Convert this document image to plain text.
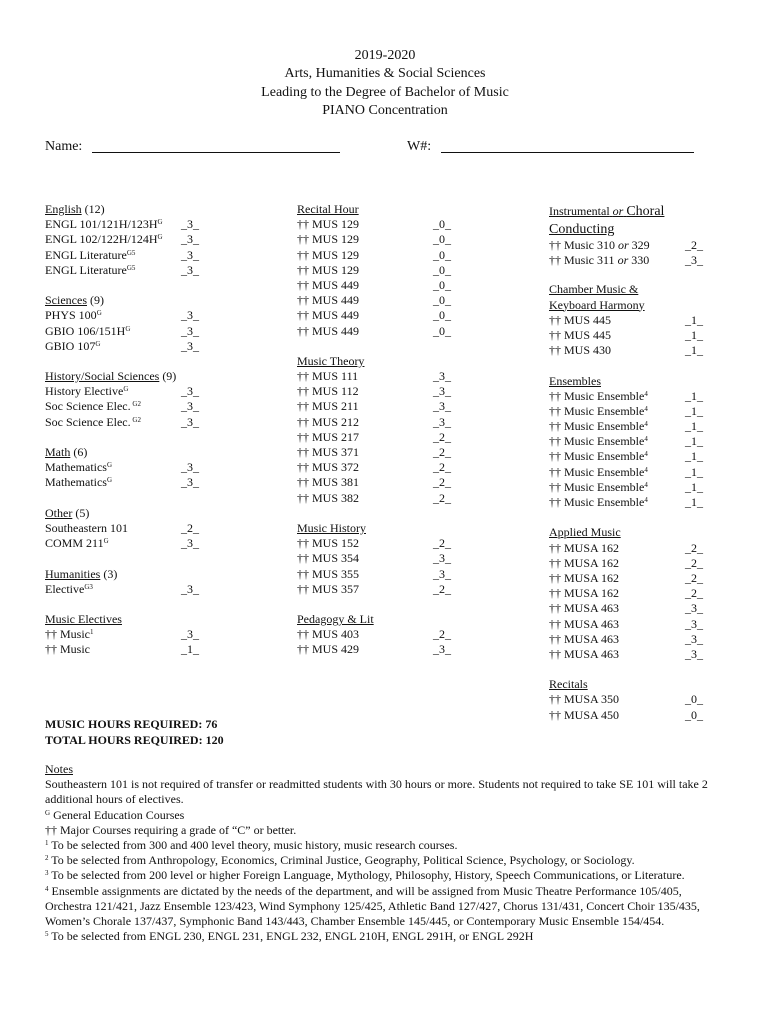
2019-2020
Arts, Humanities & Social Sciences
Leading to the Degree of Bachelor of Music
PIANO Concentration
Name:	W#:
English (12)
ENGL $101/121H/123H^G$ _3_
ENGL $102/122H/124H^G$ _3_
ENGL Literature$^{G5}$	_3_
ENGL Literature$^{G5}$	_3_
Sciences (9)
PHYS $100^G$	_3_
GBIO $106/151H^G$	_3_
GBIO $107^G$	_3_
History/Social Sciences (9)
History Elective$^G$	_3_
Soc Science Elec. $^{G2}$	_3_
Soc Science Elec. $^{G2}$	_3_
Math (6)
Mathematics$^G$	_3_
Mathematics$^G$	_3_
Other (5)
Southeastern 101	_2_
COMM $211^G$	_3_
Humanities (3)
Elective$^{G3}$	_3_
Music Electives
†† Music$^1$	_3_
†† Music	_1_
Recital Hour
†† MUS 129	_0_
†† MUS 129	_0_
†† MUS 129	_0_
†† MUS 129	_0_
†† MUS 449	_0_
†† MUS 449	_0_
†† MUS 449	_0_
†† MUS 449	_0_
Music Theory
†† MUS 111	_3_
†† MUS 112	_3_
†† MUS 211	_3_
†† MUS 212	_3_
†† MUS 217	_2_
†† MUS 371	_2_
†† MUS 372	_2_
†† MUS 381	_2_
†† MUS 382	_2_
Music History
†† MUS 152	_2_
†† MUS 354	_3_
†† MUS 355	_3_
†† MUS 357	_2_
Pedagogy & Lit
†† MUS 403	_2_
†† MUS 429	_3_
Instrumental or Choral
Conducting
†† Music 310 or 329	_2_
†† Music 311 or 330	_3_
Chamber Music &
Keyboard Harmony
†† MUS 445	_1_
†† MUS 445	_1_
†† MUS 430	_1_
Ensembles
†† Music Ensemble$^4$	_1_
†† Music Ensemble$^4$	_1_
†† Music Ensemble$^4$	_1_
†† Music Ensemble$^4$	_1_
†† Music Ensemble$^4$	_1_
†† Music Ensemble$^4$	_1_
†† Music Ensemble$^4$	_1_
†† Music Ensemble$^4$	_1_
Applied Music
†† MUSA 162	_2_
†† MUSA 162	_2_
†† MUSA 162	_2_
†† MUSA 162	_2_
†† MUSA 463	_3_
†† MUSA 463	_3_
†† MUSA 463	_3_
†† MUSA 463	_3_
Recitals
†† MUSA 350	_0_
†† MUSA 450	_0_
MUSIC HOURS REQUIRED: 76
TOTAL HOURS REQUIRED: 120
Notes
Southeastern 101 is not required of transfer or readmitted students with 30 hours or more. Students not required to take SE 101 will take 2 additional hours of electives.
$^G$ General Education Courses
†† Major Courses requiring a grade of “C” or better.
$^1$ To be selected from 300 and 400 level theory, music history, music research courses.
$^2$ To be selected from Anthropology, Economics, Criminal Justice, Geography, Political Science, Psychology, or Sociology.
$^3$ To be selected from 200 level or higher Foreign Language, Mythology, Philosophy, History, Speech Communications, or Literature.
$^4$ Ensemble assignments are dictated by the needs of the department, and will be assigned from Music Theatre Performance 105/405, Orchestra 121/421, Jazz Ensemble 123/423, Wind Symphony 125/425, Athletic Band 127/427, Chorus 131/431, Concert Choir 135/435, Women’s Chorale 137/437, Symphonic Band 143/443, Chamber Ensemble 145/445, or Contemporary Music Ensemble 154/454.
$^5$ To be selected from ENGL 230, ENGL 231, ENGL 232, ENGL 210H, ENGL 291H, or ENGL 292H
